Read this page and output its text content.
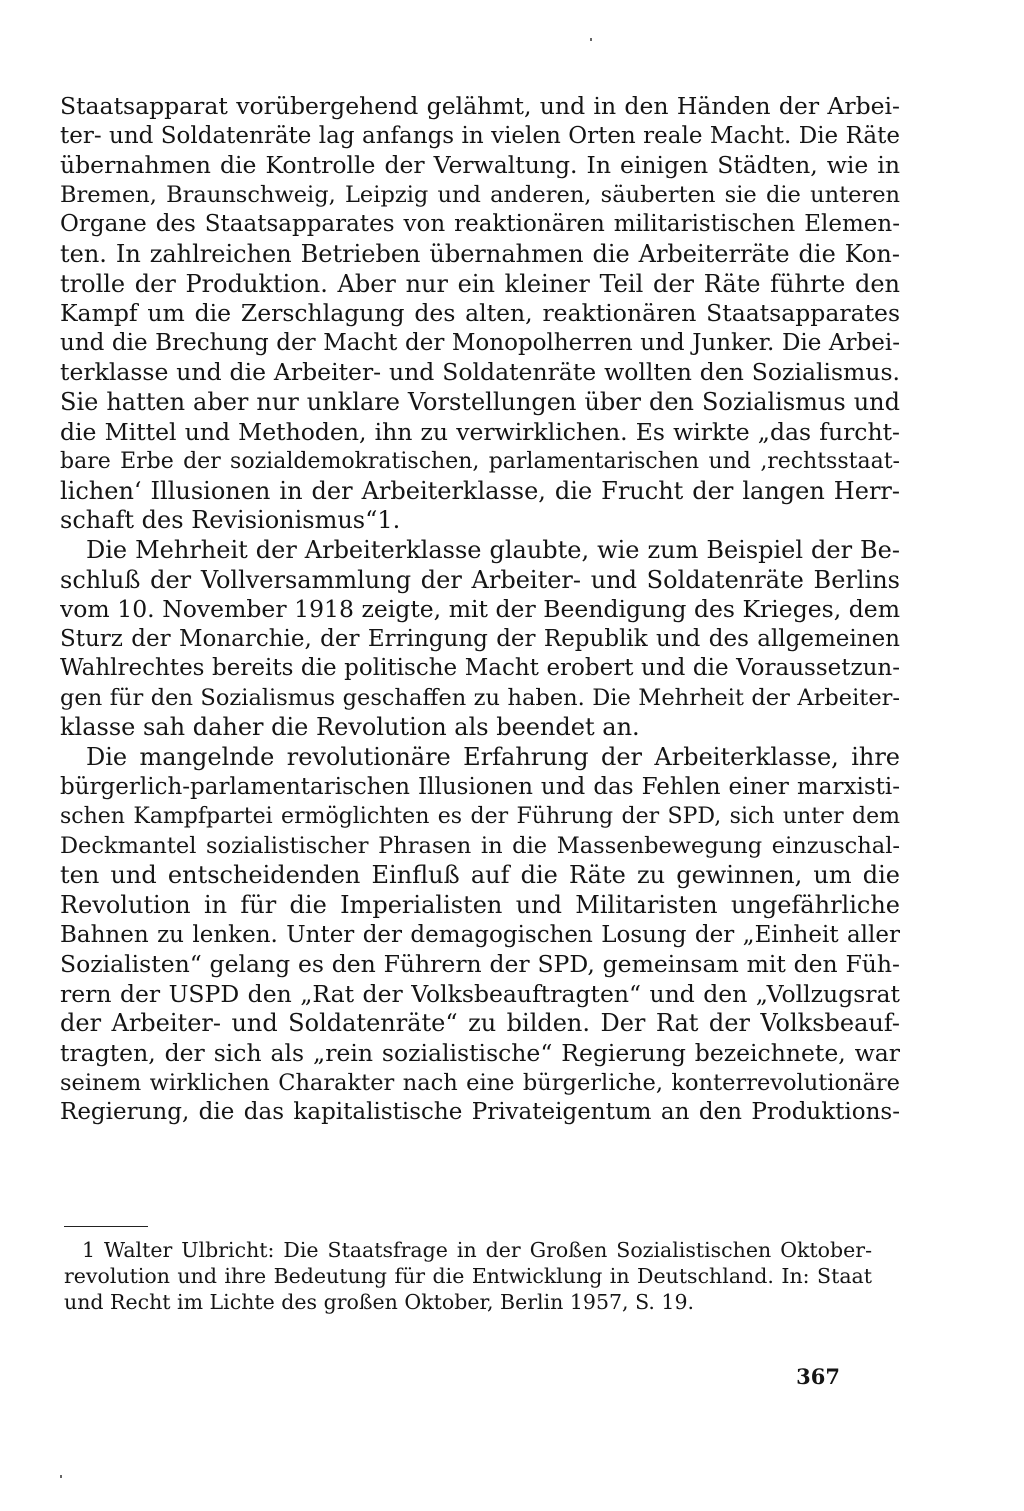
Staatsapparat vorübergehend gelähmt, und in den Händen der Arbei-
ter- und Soldatenräte lag anfangs in vielen Orten reale Macht. Die Räte
übernahmen die Kontrolle der Verwaltung. In einigen Städten, wie in
Bremen, Braunschweig, Leipzig und anderen, säuberten sie die unteren
Organe des Staatsapparates von reaktionären militaristischen Elemen-
ten. In zahlreichen Betrieben übernahmen die Arbeiterräte die Kon-
trolle der Produktion. Aber nur ein kleiner Teil der Räte führte den
Kampf um die Zerschlagung des alten, reaktionären Staatsapparates
und die Brechung der Macht der Monopolherren und Junker. Die Arbei-
terklasse und die Arbeiter- und Soldatenräte wollten den Sozialismus.
Sie hatten aber nur unklare Vorstellungen über den Sozialismus und
die Mittel und Methoden, ihn zu verwirklichen. Es wirkte „das furcht-
bare Erbe der sozialdemokratischen, parlamentarischen und ‚rechtsstaat-
lichen‘ Illusionen in der Arbeiterklasse, die Frucht der langen Herr-
schaft des Revisionismus“1.
Die Mehrheit der Arbeiterklasse glaubte, wie zum Beispiel der Be-
schluß der Vollversammlung der Arbeiter- und Soldatenräte Berlins
vom 10. November 1918 zeigte, mit der Beendigung des Krieges, dem
Sturz der Monarchie, der Erringung der Republik und des allgemeinen
Wahlrechtes bereits die politische Macht erobert und die Voraussetzun-
gen für den Sozialismus geschaffen zu haben. Die Mehrheit der Arbeiter-
klasse sah daher die Revolution als beendet an.
Die mangelnde revolutionäre Erfahrung der Arbeiterklasse, ihre
bürgerlich-parlamentarischen Illusionen und das Fehlen einer marxisti-
schen Kampfpartei ermöglichten es der Führung der SPD, sich unter dem
Deckmantel sozialistischer Phrasen in die Massenbewegung einzuschal-
ten und entscheidenden Einfluß auf die Räte zu gewinnen, um die
Revolution in für die Imperialisten und Militaristen ungefährliche
Bahnen zu lenken. Unter der demagogischen Losung der „Einheit aller
Sozialisten“ gelang es den Führern der SPD, gemeinsam mit den Füh-
rern der USPD den „Rat der Volksbeauftragten“ und den „Vollzugsrat
der Arbeiter- und Soldatenräte“ zu bilden. Der Rat der Volksbeauf-
tragten, der sich als „rein sozialistische“ Regierung bezeichnete, war
seinem wirklichen Charakter nach eine bürgerliche, konterrevolutionäre
Regierung, die das kapitalistische Privateigentum an den Produktions-
1 Walter Ulbricht: Die Staatsfrage in der Großen Sozialistischen Oktober-
revolution und ihre Bedeutung für die Entwicklung in Deutschland. In: Staat
und Recht im Lichte des großen Oktober, Berlin 1957, S. 19.
367
